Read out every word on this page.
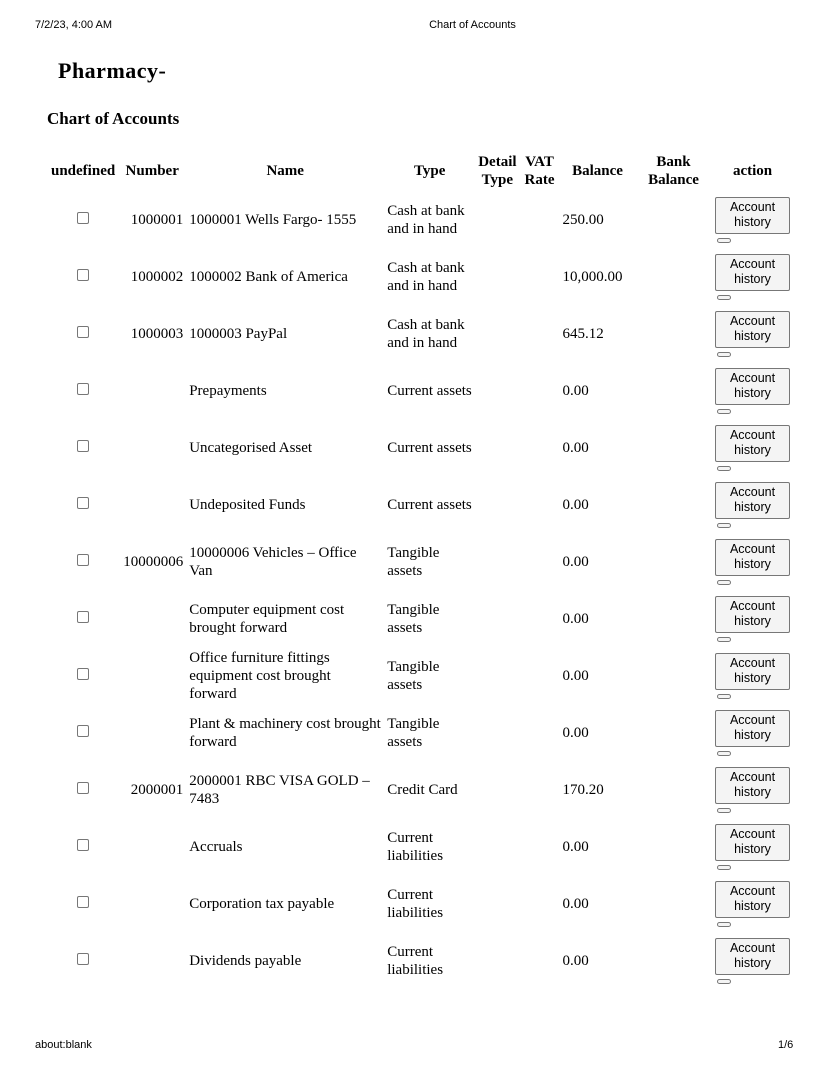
7/2/23, 4:00 AM	Chart of Accounts
Pharmacy-
Chart of Accounts
undefined	Number	Name	Type	Detail Type	VAT Rate	Balance	Bank Balance	action
	1000001	1000001 Wells Fargo- 1555	Cash at bank and in hand			250.00		Account history

	1000002	1000002 Bank of America	Cash at bank and in hand			10,000.00		Account history

	1000003	1000003 PayPal	Cash at bank and in hand			645.12		Account history

		Prepayments	Current assets			0.00		Account history

		Uncategorised Asset	Current assets			0.00		Account history

		Undeposited Funds	Current assets			0.00		Account history

	10000006	10000006 Vehicles – Office Van	Tangible assets			0.00		Account history

		Computer equipment cost brought forward	Tangible assets			0.00		Account history

		Office furniture fittings equipment cost brought forward	Tangible assets			0.00		Account history

		Plant & machinery cost brought forward	Tangible assets			0.00		Account history

	2000001	2000001 RBC VISA GOLD – 7483	Credit Card			170.20		Account history

		Accruals	Current liabilities			0.00		Account history

		Corporation tax payable	Current liabilities			0.00		Account history

		Dividends payable	Current liabilities			0.00		Account history
about:blank	1/6
